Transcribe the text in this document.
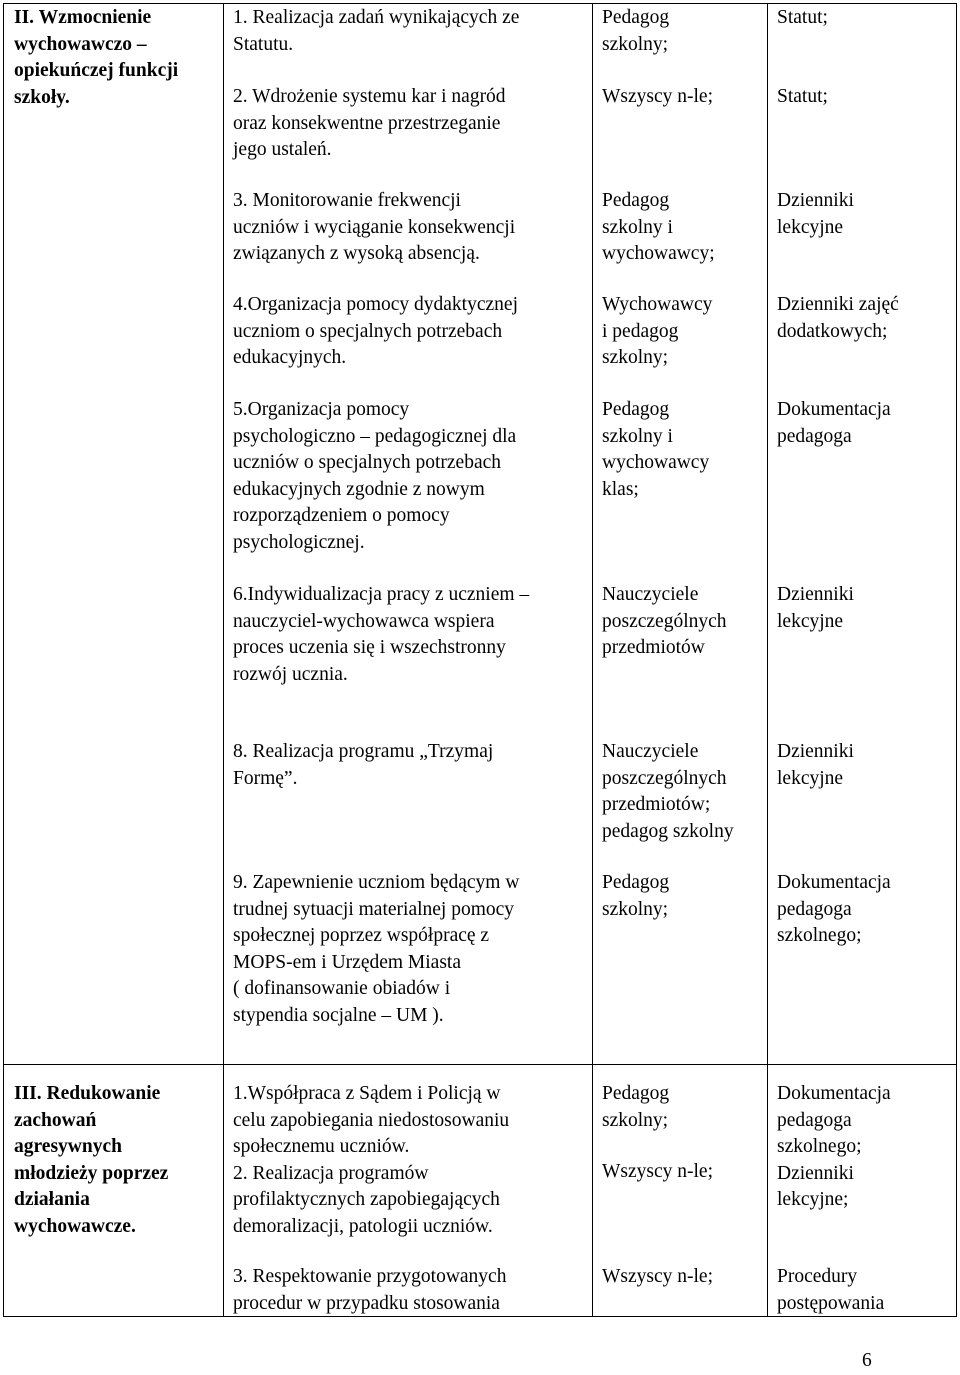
II. Wzmocnienie
wychowawczo –
opiekuńczej funkcji
szkoły.
1. Realizacja zadań wynikających ze
Statutu.
2. Wdrożenie systemu kar i nagród
oraz konsekwentne przestrzeganie
jego ustaleń.
3. Monitorowanie frekwencji
uczniów i wyciąganie konsekwencji
związanych z wysoką absencją.
4.Organizacja pomocy dydaktycznej
uczniom o specjalnych potrzebach
edukacyjnych.
5.Organizacja pomocy
psychologiczno – pedagogicznej dla
uczniów o specjalnych potrzebach
edukacyjnych zgodnie z nowym
rozporządzeniem o pomocy
psychologicznej.
6.Indywidualizacja pracy z uczniem –
nauczyciel-wychowawca wspiera
proces uczenia się i wszechstronny
rozwój ucznia.
8. Realizacja programu „Trzymaj
Formę”.
9. Zapewnienie uczniom będącym w
trudnej sytuacji materialnej pomocy
społecznej poprzez współpracę z
MOPS-em i Urzędem Miasta
( dofinansowanie obiadów i
stypendia socjalne – UM ).
Pedagog
szkolny;
Wszyscy n-le;
Pedagog
szkolny i
wychowawcy;
Wychowawcy
i pedagog
szkolny;
Pedagog
szkolny i
wychowawcy
klas;
Nauczyciele
poszczególnych
przedmiotów
Nauczyciele
poszczególnych
przedmiotów;
pedagog szkolny
Pedagog
szkolny;
Statut;
Statut;
Dzienniki
lekcyjne
Dzienniki zajęć
dodatkowych;
Dokumentacja
pedagoga
Dzienniki
lekcyjne
Dzienniki
lekcyjne
Dokumentacja
pedagoga
szkolnego;
III. Redukowanie
zachowań
agresywnych
młodzieży poprzez
działania
wychowawcze.
1.Współpraca z Sądem i Policją w
celu zapobiegania niedostosowaniu
społecznemu uczniów.
2. Realizacja programów
profilaktycznych zapobiegających
demoralizacji, patologii uczniów.
3. Respektowanie przygotowanych
procedur w przypadku stosowania
Pedagog
szkolny;
Wszyscy n-le;
Wszyscy n-le;
Dokumentacja
pedagoga
szkolnego;
Dzienniki
lekcyjne;
Procedury
postępowania
6
